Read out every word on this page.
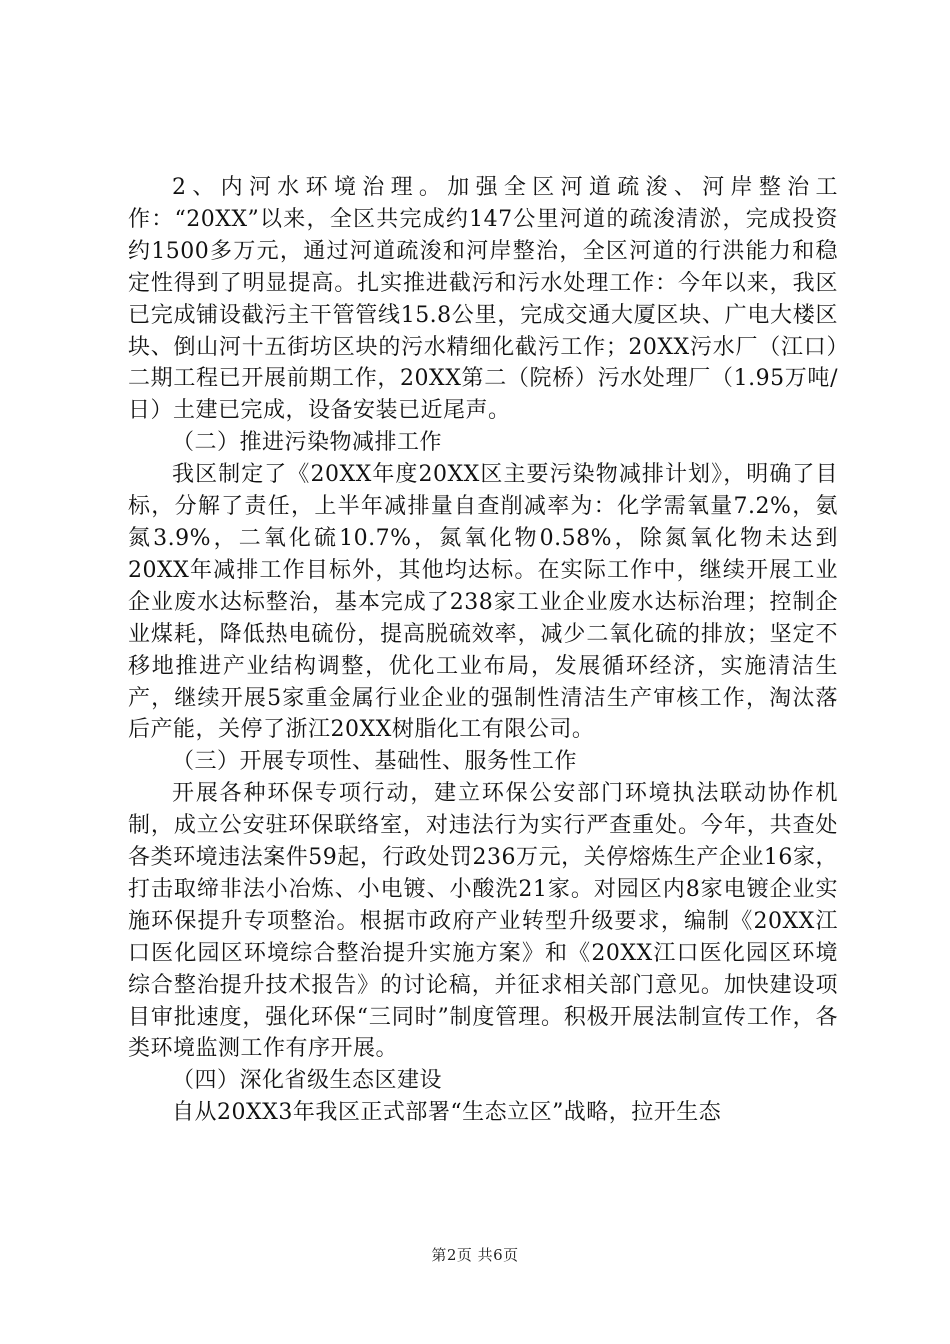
2、内河水环境治理。加强全区河道疏浚、河岸整治工作：“20XX”以来，全区共完成约147公里河道的疏浚清淤，完成投资约1500多万元，通过河道疏浚和河岸整治，全区河道的行洪能力和稳定性得到了明显提高。扎实推进截污和污水处理工作：今年以来，我区已完成铺设截污主干管管线15.8公里，完成交通大厦区块、广电大楼区块、倒山河十五街坊区块的污水精细化截污工作；20XX污水厂（江口）二期工程已开展前期工作，20XX第二（院桥）污水处理厂（1.95万吨/日）土建已完成，设备安装已近尾声。

（二）推进污染物减排工作

我区制定了《20XX年度20XX区主要污染物减排计划》，明确了目标，分解了责任，上半年减排量自查削减率为：化学需氧量7.2%，氨氮3.9%，二氧化硫10.7%，氮氧化物0.58%，除氮氧化物未达到20XX年减排工作目标外，其他均达标。在实际工作中，继续开展工业企业废水达标整治，基本完成了238家工业企业废水达标治理；控制企业煤耗，降低热电硫份，提高脱硫效率，减少二氧化硫的排放；坚定不移地推进产业结构调整，优化工业布局，发展循环经济，实施清洁生产，继续开展5家重金属行业企业的强制性清洁生产审核工作，淘汰落后产能，关停了浙江20XX树脂化工有限公司。

（三）开展专项性、基础性、服务性工作

开展各种环保专项行动，建立环保公安部门环境执法联动协作机制，成立公安驻环保联络室，对违法行为实行严查重处。今年，共查处各类环境违法案件59起，行政处罚236万元，关停熔炼生产企业16家，打击取缔非法小冶炼、小电镀、小酸洗21家。对园区内8家电镀企业实施环保提升专项整治。根据市政府产业转型升级要求，编制《20XX江口医化园区环境综合整治提升实施方案》和《20XX江口医化园区环境综合整治提升技术报告》的讨论稿，并征求相关部门意见。加快建设项目审批速度，强化环保“三同时”制度管理。积极开展法制宣传工作，各类环境监测工作有序开展。

（四）深化省级生态区建设

自从20XX3年我区正式部署“生态立区”战略，拉开生态

第2页 共6页
